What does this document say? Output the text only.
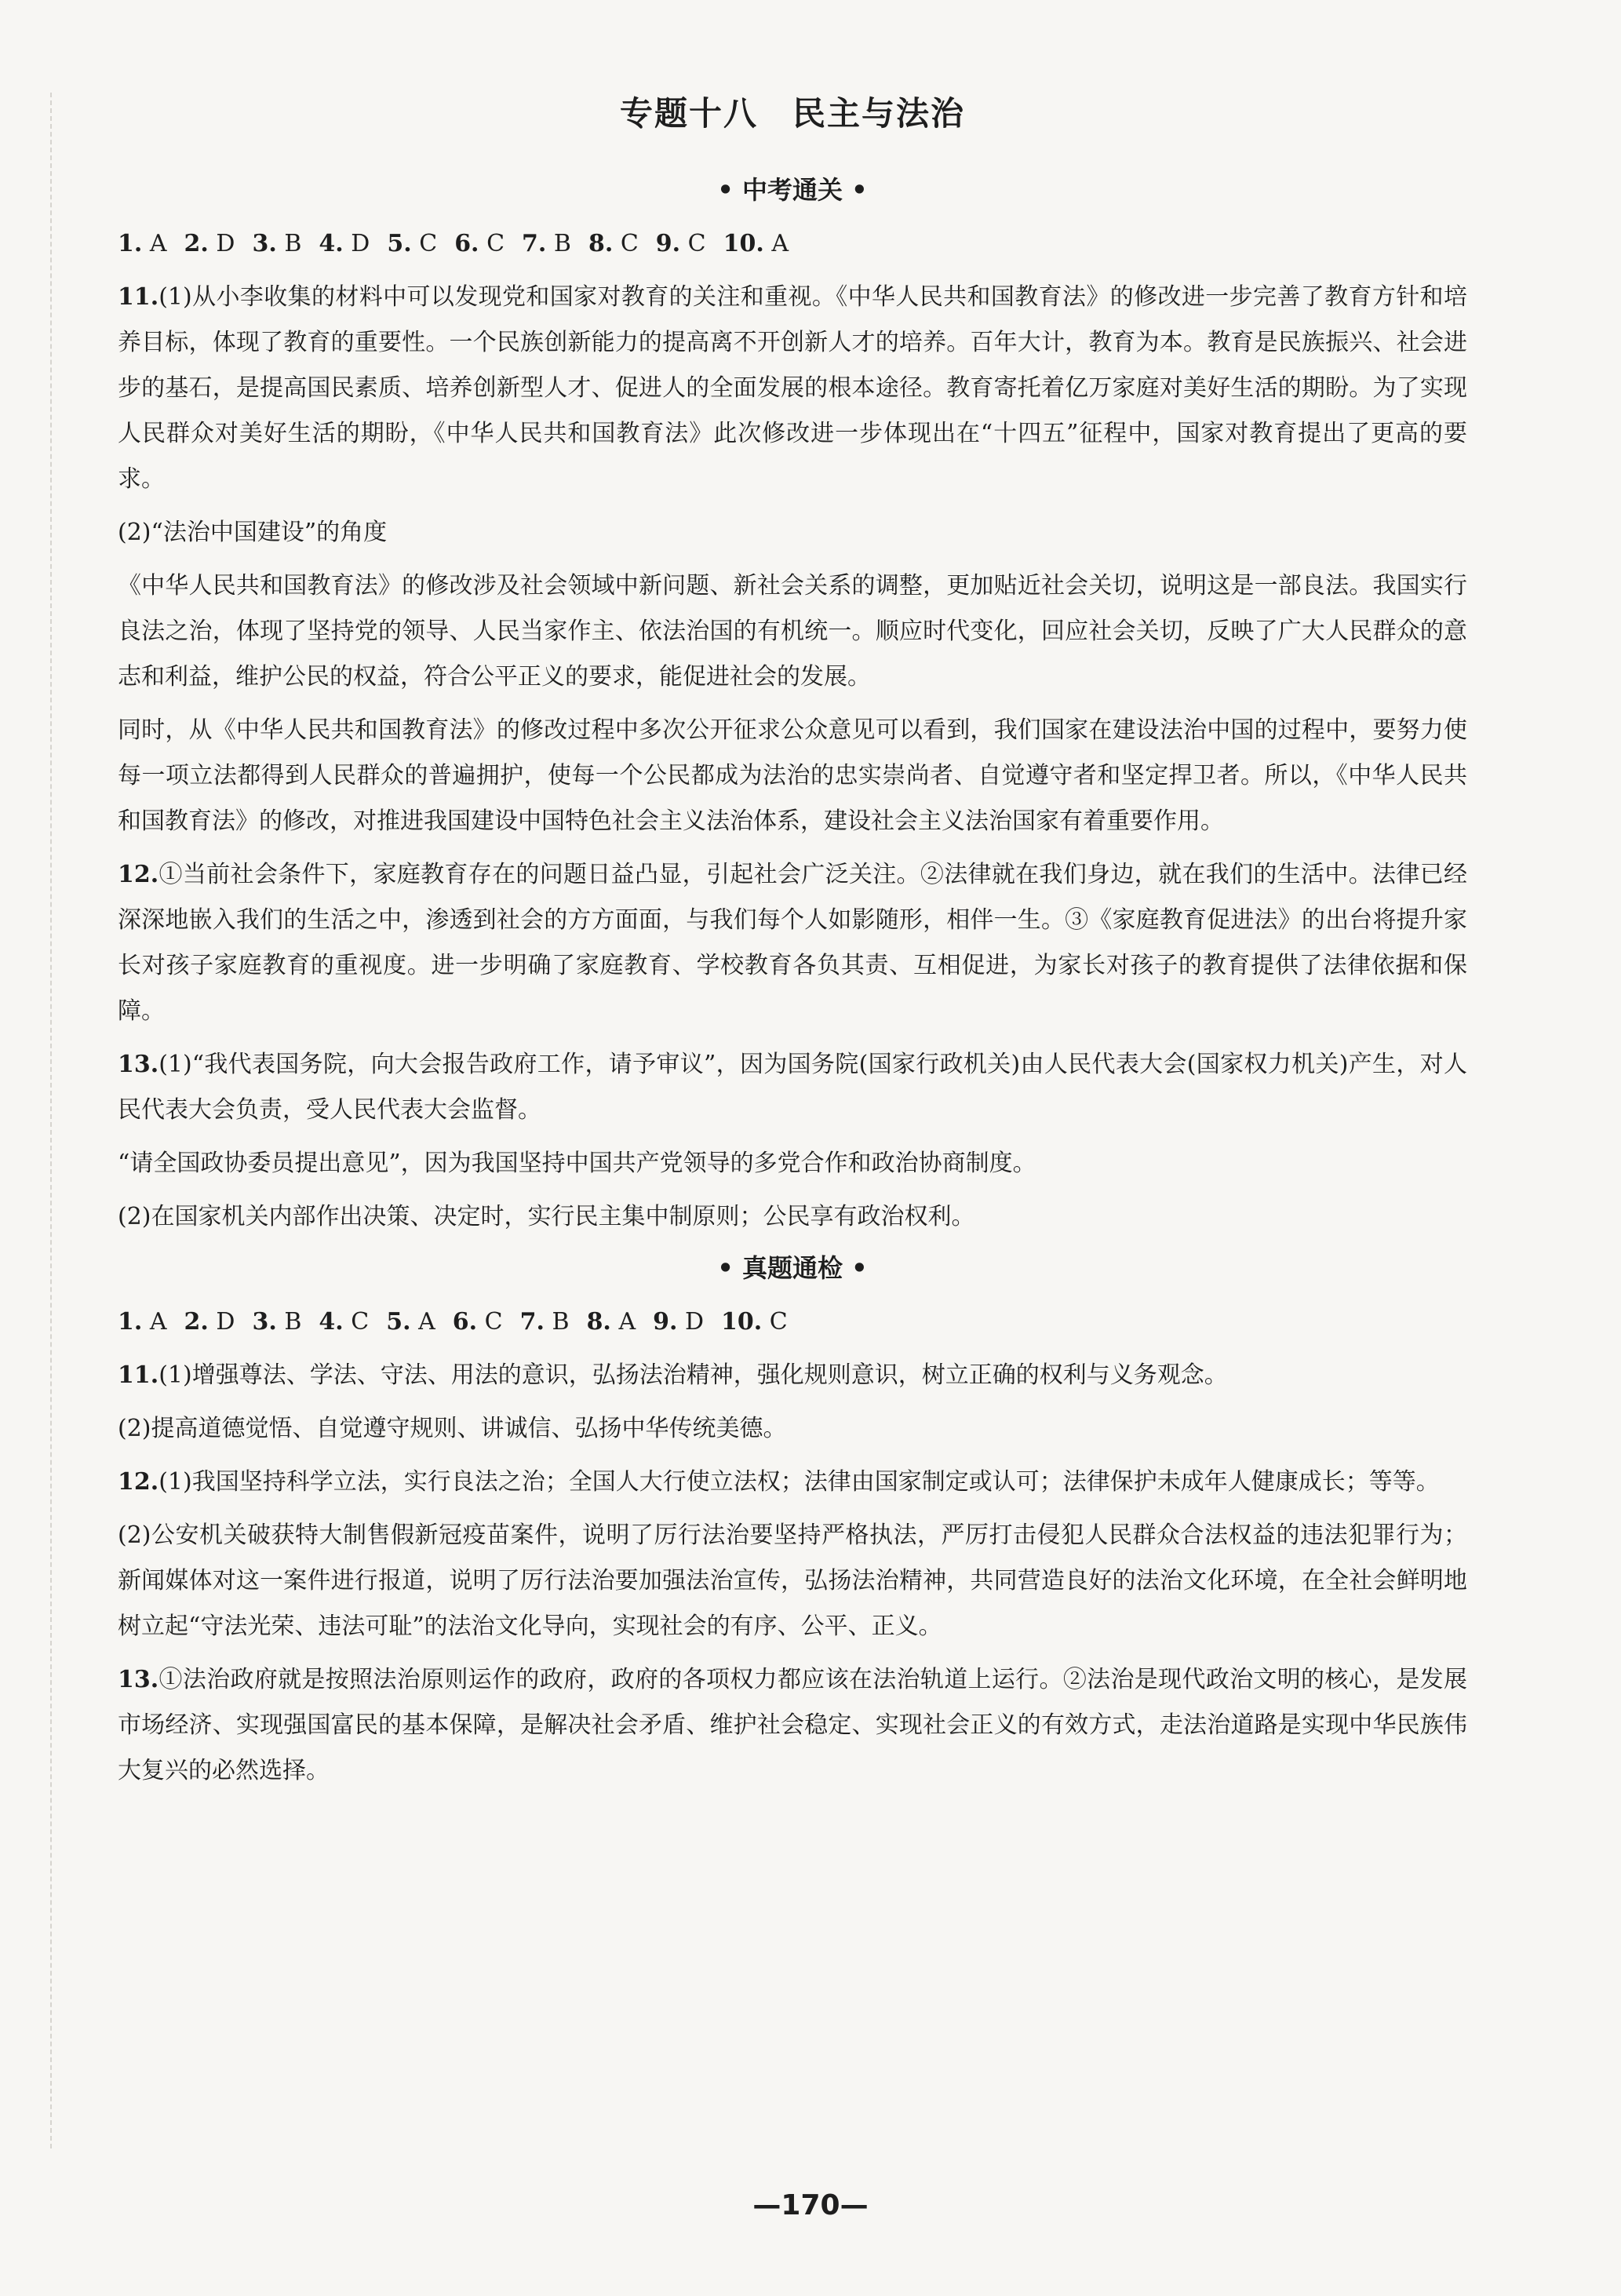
专题十八　民主与法治
• 中考通关 •
1. A 2. D 3. B 4. D 5. C 6. C 7. B 8. C 9. C 10. A
11.(1)从小李收集的材料中可以发现党和国家对教育的关注和重视。《中华人民共和国教育法》的修改进一步完善了教育方针和培养目标，体现了教育的重要性。一个民族创新能力的提高离不开创新人才的培养。百年大计，教育为本。教育是民族振兴、社会进步的基石，是提高国民素质、培养创新型人才、促进人的全面发展的根本途径。教育寄托着亿万家庭对美好生活的期盼。为了实现人民群众对美好生活的期盼，《中华人民共和国教育法》此次修改进一步体现出在“十四五”征程中，国家对教育提出了更高的要求。
(2)“法治中国建设”的角度
《中华人民共和国教育法》的修改涉及社会领域中新问题、新社会关系的调整，更加贴近社会关切，说明这是一部良法。我国实行良法之治，体现了坚持党的领导、人民当家作主、依法治国的有机统一。顺应时代变化，回应社会关切，反映了广大人民群众的意志和利益，维护公民的权益，符合公平正义的要求，能促进社会的发展。
同时，从《中华人民共和国教育法》的修改过程中多次公开征求公众意见可以看到，我们国家在建设法治中国的过程中，要努力使每一项立法都得到人民群众的普遍拥护，使每一个公民都成为法治的忠实崇尚者、自觉遵守者和坚定捍卫者。所以，《中华人民共和国教育法》的修改，对推进我国建设中国特色社会主义法治体系，建设社会主义法治国家有着重要作用。
12.①当前社会条件下，家庭教育存在的问题日益凸显，引起社会广泛关注。②法律就在我们身边，就在我们的生活中。法律已经深深地嵌入我们的生活之中，渗透到社会的方方面面，与我们每个人如影随形，相伴一生。③《家庭教育促进法》的出台将提升家长对孩子家庭教育的重视度。进一步明确了家庭教育、学校教育各负其责、互相促进，为家长对孩子的教育提供了法律依据和保障。
13.(1)“我代表国务院，向大会报告政府工作，请予审议”，因为国务院(国家行政机关)由人民代表大会(国家权力机关)产生，对人民代表大会负责，受人民代表大会监督。
“请全国政协委员提出意见”，因为我国坚持中国共产党领导的多党合作和政治协商制度。
(2)在国家机关内部作出决策、决定时，实行民主集中制原则；公民享有政治权利。
• 真题通检 •
1. A 2. D 3. B 4. C 5. A 6. C 7. B 8. A 9. D 10. C
11.(1)增强尊法、学法、守法、用法的意识，弘扬法治精神，强化规则意识，树立正确的权利与义务观念。
(2)提高道德觉悟、自觉遵守规则、讲诚信、弘扬中华传统美德。
12.(1)我国坚持科学立法，实行良法之治；全国人大行使立法权；法律由国家制定或认可；法律保护未成年人健康成长；等等。
(2)公安机关破获特大制售假新冠疫苗案件，说明了厉行法治要坚持严格执法，严厉打击侵犯人民群众合法权益的违法犯罪行为；新闻媒体对这一案件进行报道，说明了厉行法治要加强法治宣传，弘扬法治精神，共同营造良好的法治文化环境，在全社会鲜明地树立起“守法光荣、违法可耻”的法治文化导向，实现社会的有序、公平、正义。
13.①法治政府就是按照法治原则运作的政府，政府的各项权力都应该在法治轨道上运行。②法治是现代政治文明的核心，是发展市场经济、实现强国富民的基本保障，是解决社会矛盾、维护社会稳定、实现社会正义的有效方式，走法治道路是实现中华民族伟大复兴的必然选择。
—170—
